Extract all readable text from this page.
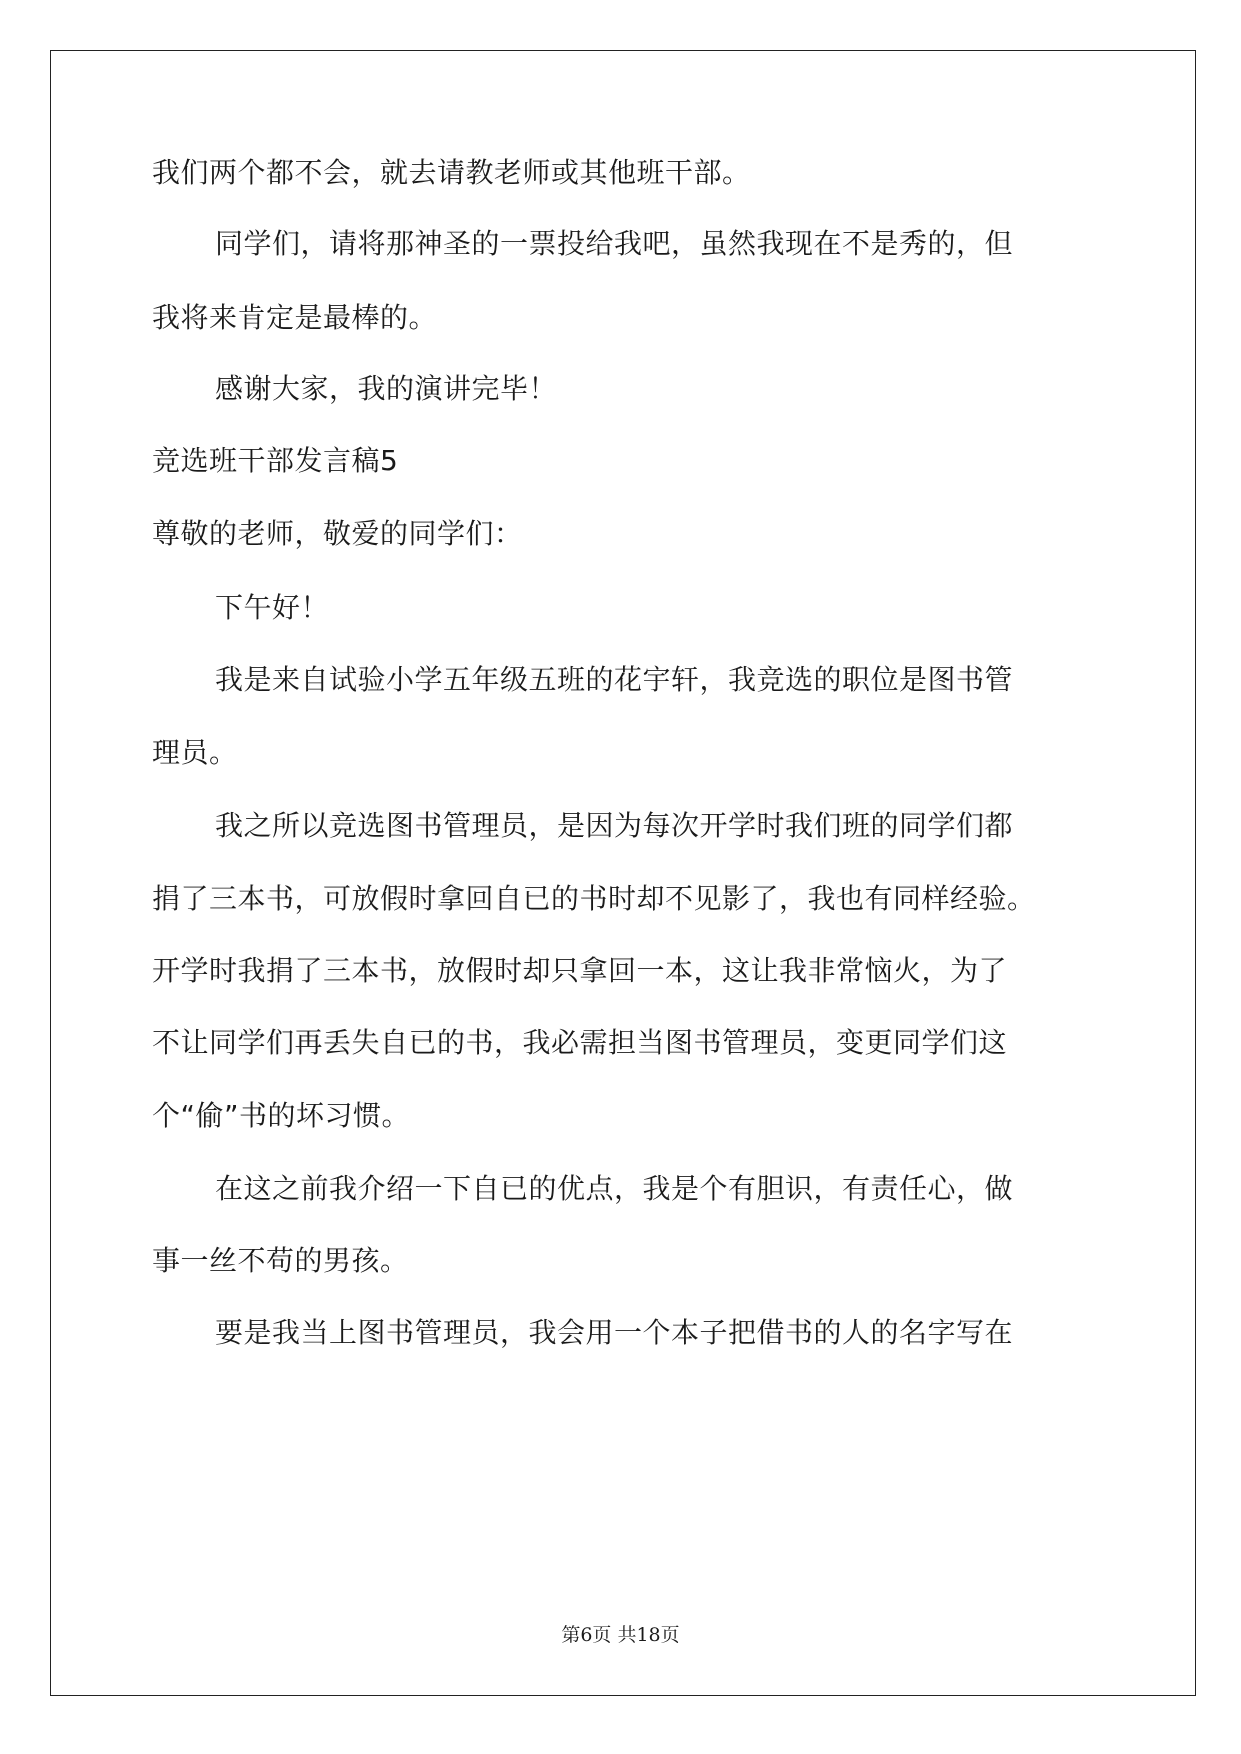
我们两个都不会，就去请教老师或其他班干部。
同学们，请将那神圣的一票投给我吧，虽然我现在不是秀的，但
我将来肯定是最棒的。
感谢大家，我的演讲完毕！
竞选班干部发言稿5
尊敬的老师，敬爱的同学们：
下午好！
我是来自试验小学五年级五班的花宇轩，我竞选的职位是图书管
理员。
我之所以竞选图书管理员，是因为每次开学时我们班的同学们都
捐了三本书，可放假时拿回自已的书时却不见影了，我也有同样经验。
开学时我捐了三本书，放假时却只拿回一本，这让我非常恼火，为了
不让同学们再丢失自已的书，我必需担当图书管理员，变更同学们这
个“偷”书的坏习惯。
在这之前我介绍一下自已的优点，我是个有胆识，有责任心，做
事一丝不苟的男孩。
要是我当上图书管理员，我会用一个本子把借书的人的名字写在
第6页 共18页
